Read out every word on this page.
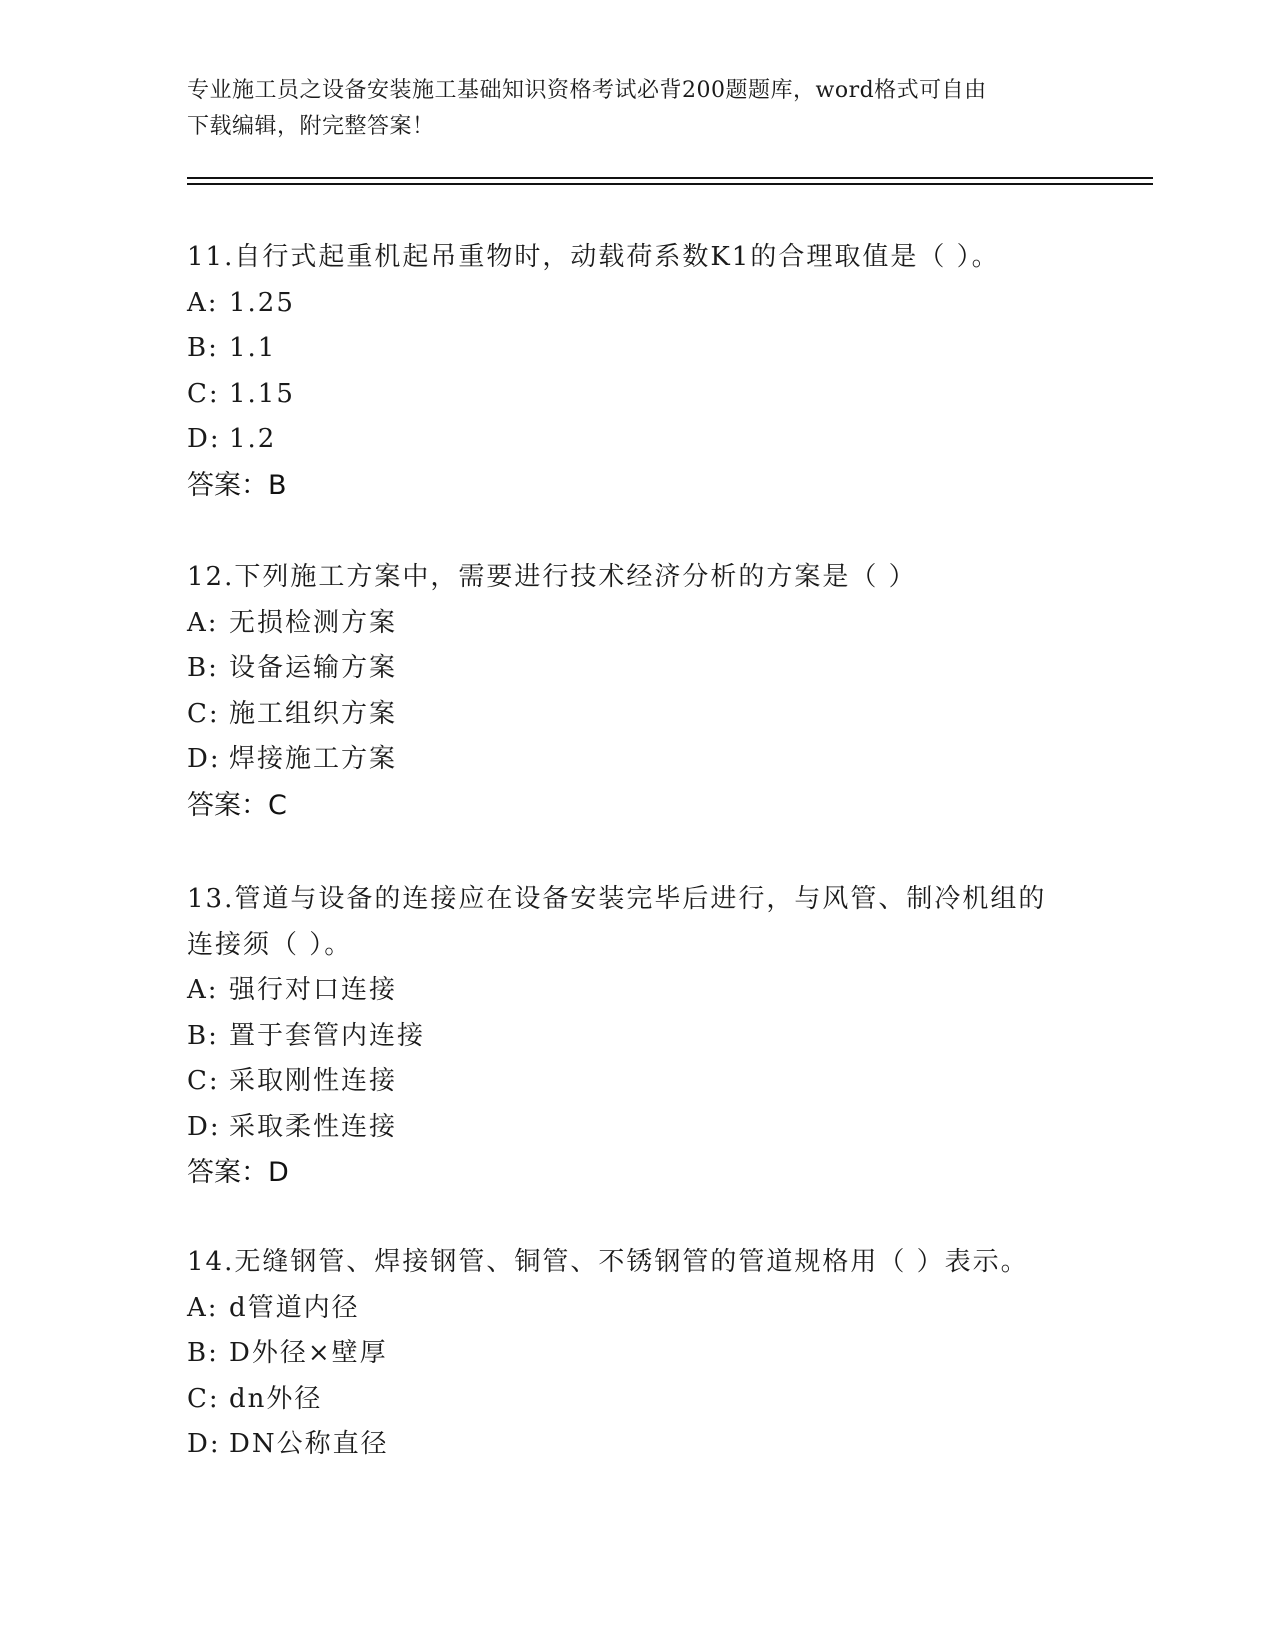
专业施工员之设备安装施工基础知识资格考试必背200题题库，word格式可自由
下载编辑，附完整答案！

11.自行式起重机起吊重物时，动载荷系数K1的合理取值是（ ）。

A: 1.25

B: 1.1

C: 1.15

D: 1.2

答案：B

12.下列施工方案中，需要进行技术经济分析的方案是（ ）

A: 无损检测方案

B: 设备运输方案

C: 施工组织方案

D: 焊接施工方案

答案：C

13.管道与设备的连接应在设备安装完毕后进行，与风管、制冷机组的

连接须（ ）。

A: 强行对口连接

B: 置于套管内连接

C: 采取刚性连接

D: 采取柔性连接

答案：D

14.无缝钢管、焊接钢管、铜管、不锈钢管的管道规格用（ ）表示。

A: d管道内径

B: D外径×壁厚

C: dn外径

D: DN公称直径
